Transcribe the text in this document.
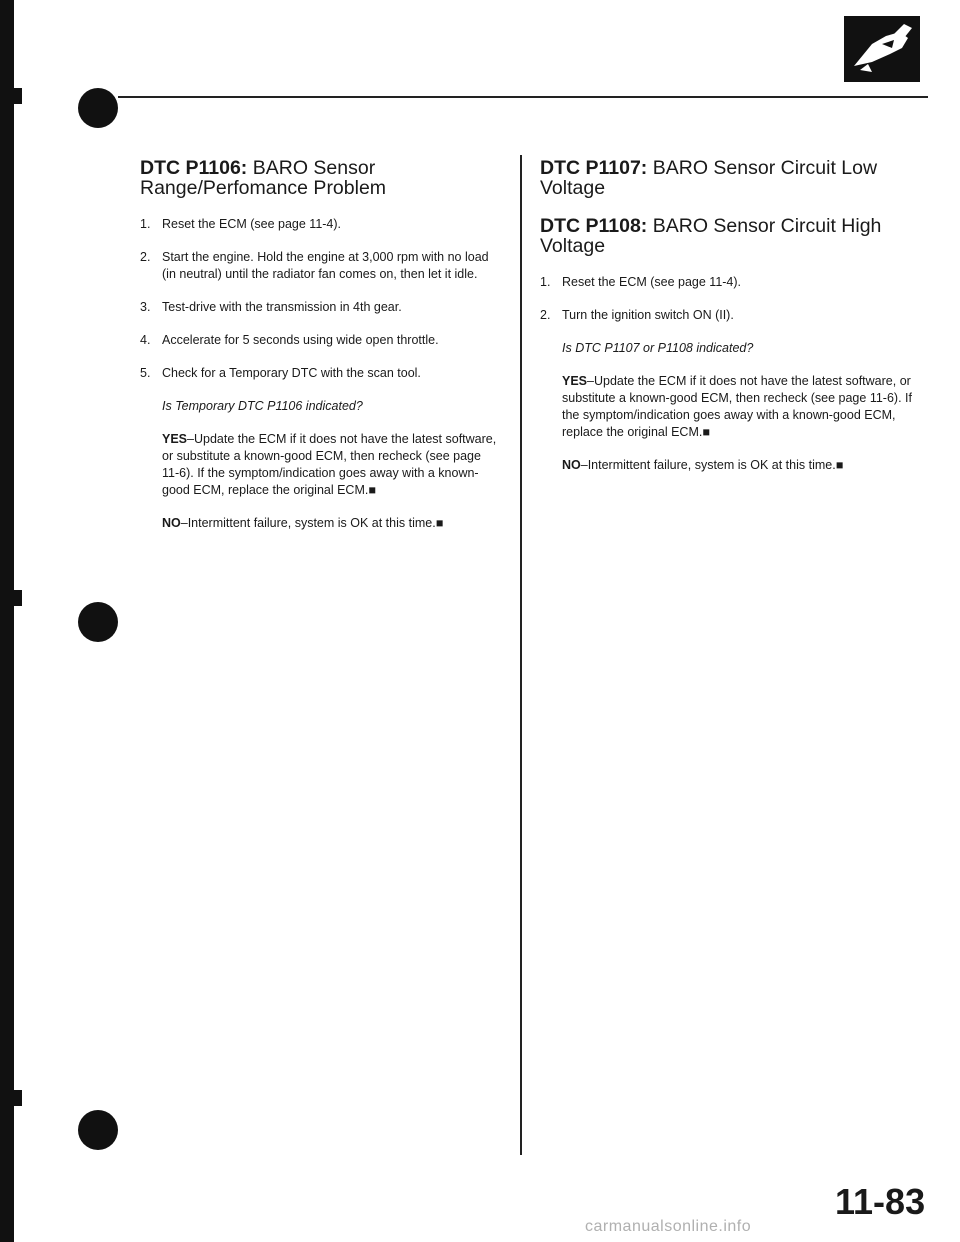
DTC P1106: BARO Sensor Range/Perfomance Problem
1. Reset the ECM (see page 11-4).
2. Start the engine. Hold the engine at 3,000 rpm with no load (in neutral) until the radiator fan comes on, then let it idle.
3. Test-drive with the transmission in 4th gear.
4. Accelerate for 5 seconds using wide open throttle.
5. Check for a Temporary DTC with the scan tool.

Is Temporary DTC P1106 indicated?

YES–Update the ECM if it does not have the latest software, or substitute a known-good ECM, then recheck (see page 11-6). If the symptom/indication goes away with a known-good ECM, replace the original ECM.■

NO–Intermittent failure, system is OK at this time.■

DTC P1107: BARO Sensor Circuit Low Voltage
DTC P1108: BARO Sensor Circuit High Voltage
1. Reset the ECM (see page 11-4).
2. Turn the ignition switch ON (II).

Is DTC P1107 or P1108 indicated?

YES–Update the ECM if it does not have the latest software, or substitute a known-good ECM, then recheck (see page 11-6). If the symptom/indication goes away with a known-good ECM, replace the original ECM.■

NO–Intermittent failure, system is OK at this time.■

11-83
carmanualsonline.info
